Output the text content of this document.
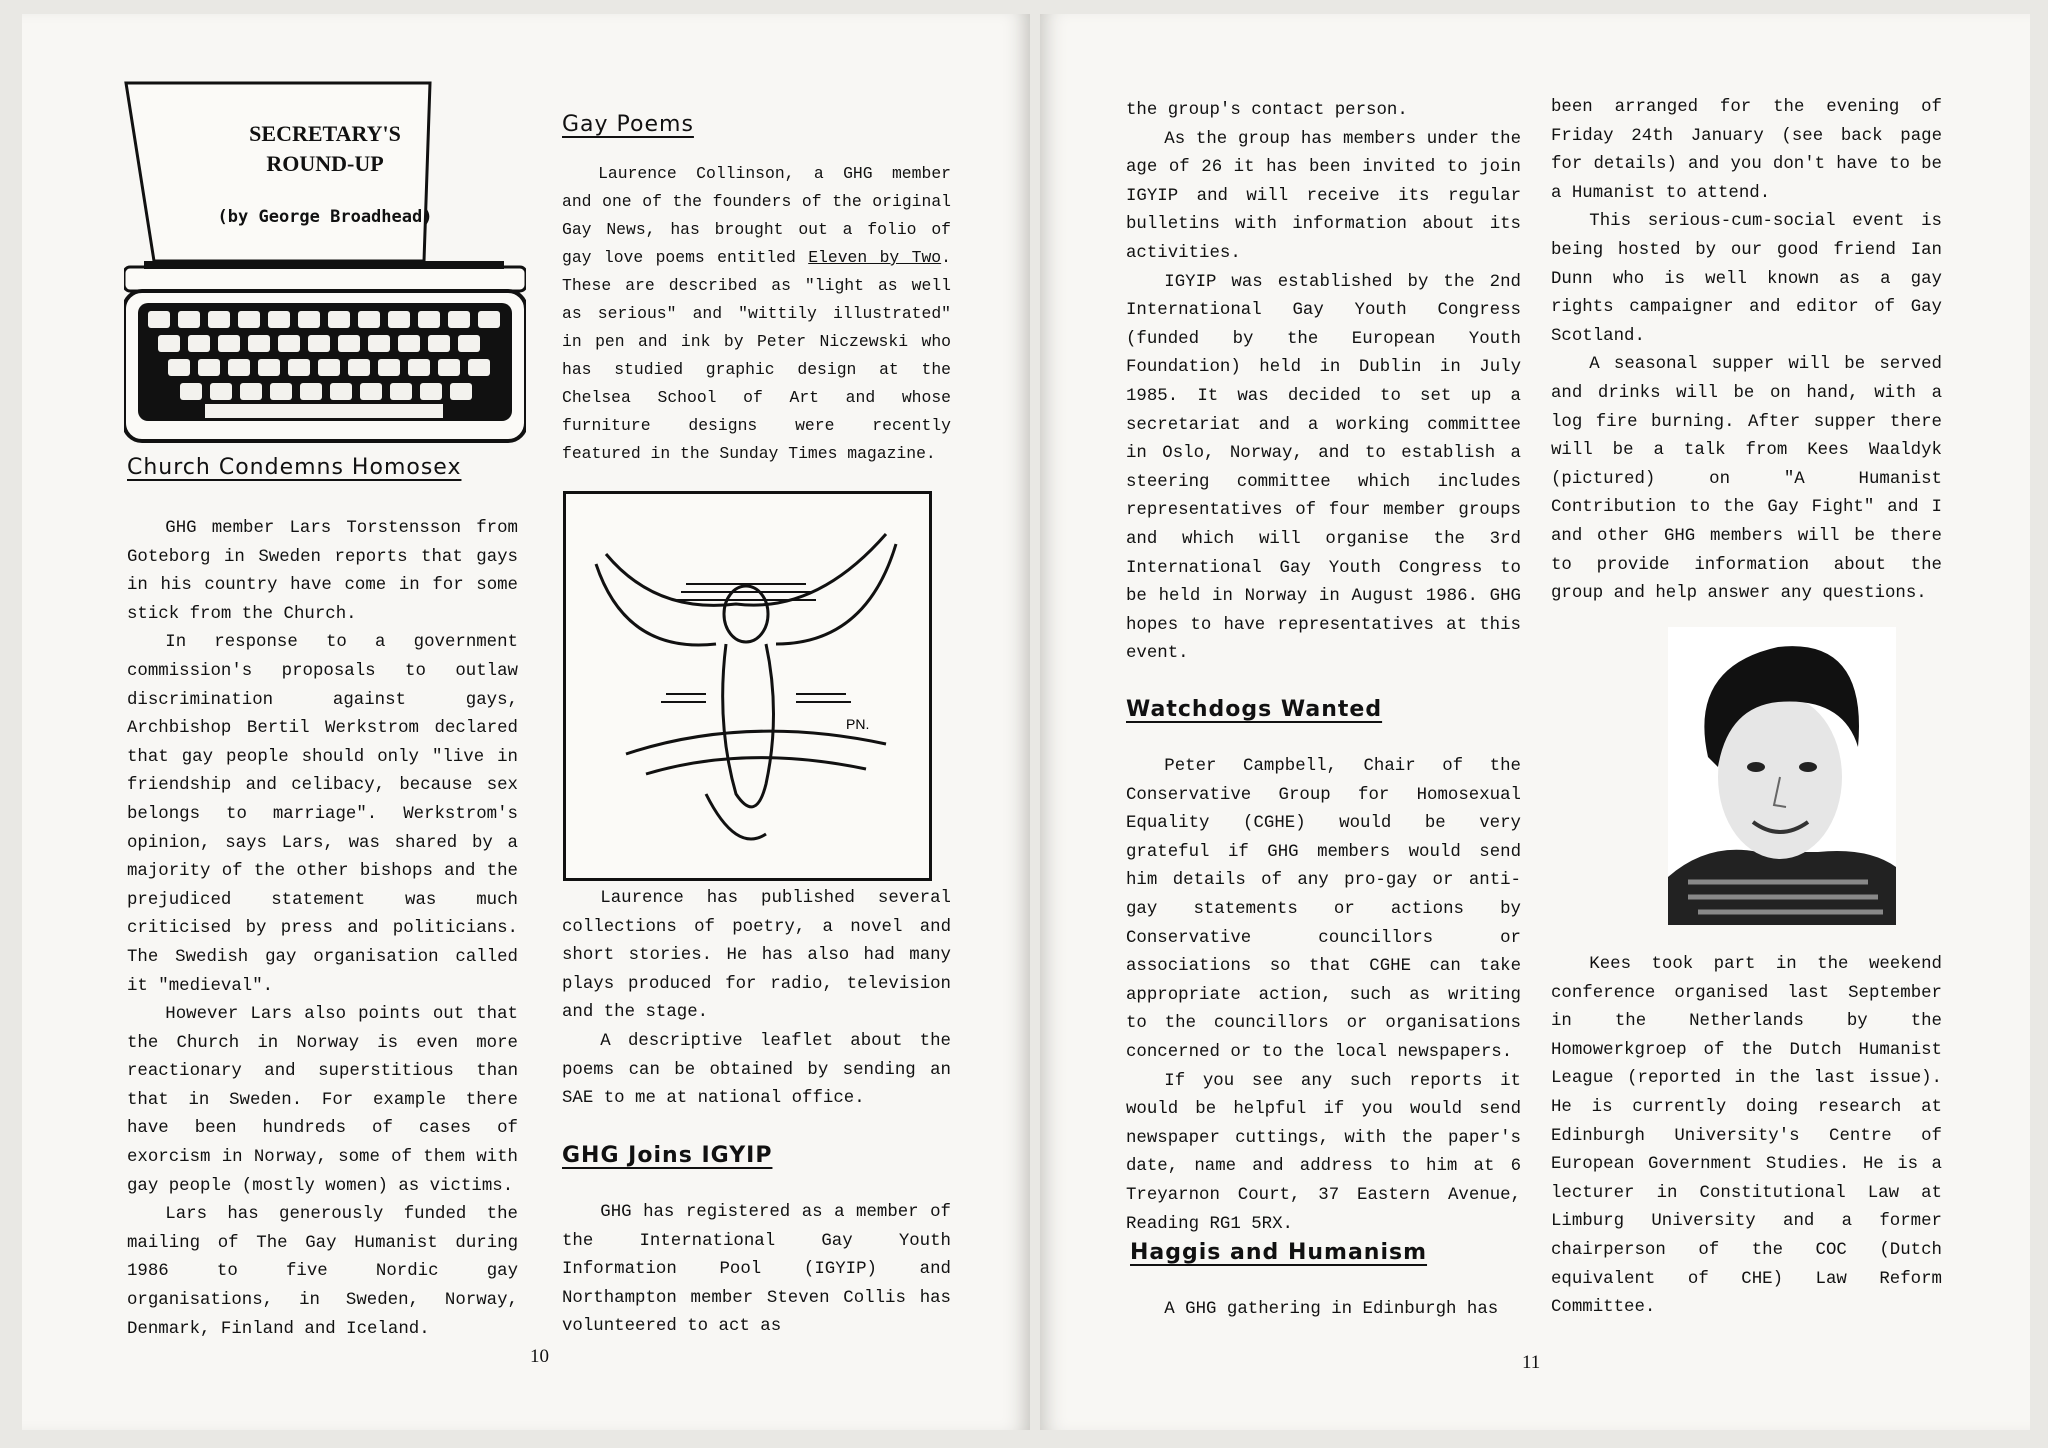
SECRETARY'S
ROUND-UP
(by George Broadhead)
Church Condemns Homosex

GHG member Lars Torstensson from Goteborg in Sweden reports that gays in his country have come in for some stick from the Church.

In response to a government commission's proposals to outlaw discrimination against gays, Archbishop Bertil Werkstrom declared that gay people should only "live in friendship and celibacy, because sex belongs to marriage". Werkstrom's opinion, says Lars, was shared by a majority of the other bishops and the prejudiced statement was much criticised by press and politicians. The Swedish gay organisation called it "medieval".

However Lars also points out that the Church in Norway is even more reactionary and superstitious than that in Sweden. For example there have been hundreds of cases of exorcism in Norway, some of them with gay people (mostly women) as victims.

Lars has generously funded the mailing of The Gay Humanist during 1986 to five Nordic gay organisations, in Sweden, Norway, Denmark, Finland and Iceland.

Gay Poems

Laurence Collinson, a GHG member and one of the founders of the original Gay News, has brought out a folio of gay love poems entitled Eleven by Two. These are described as "light as well as serious" and "wittily illustrated" in pen and ink by Peter Niczewski who has studied graphic design at the Chelsea School of Art and whose furniture designs were recently featured in the Sunday Times magazine.

PN.

Laurence has published several collections of poetry, a novel and short stories. He has also had many plays produced for radio, television and the stage.

A descriptive leaflet about the poems can be obtained by sending an SAE to me at national office.

GHG Joins IGYIP

GHG has registered as a member of the International Gay Youth Information Pool (IGYIP) and Northampton member Steven Collis has volunteered to act as

10

the group's contact person.

As the group has members under the age of 26 it has been invited to join IGYIP and will receive its regular bulletins with information about its activities.

IGYIP was established by the 2nd International Gay Youth Congress (funded by the European Youth Foundation) held in Dublin in July 1985. It was decided to set up a secretariat and a working committee in Oslo, Norway, and to establish a steering committee which includes representatives of four member groups and which will organise the 3rd International Gay Youth Congress to be held in Norway in August 1986. GHG hopes to have representatives at this event.

Watchdogs Wanted

Peter Campbell, Chair of the Conservative Group for Homosexual Equality (CGHE) would be very grateful if GHG members would send him details of any pro-gay or anti-gay statements or actions by Conservative councillors or associations so that CGHE can take appropriate action, such as writing to the councillors or organisations concerned or to the local newspapers.

If you see any such reports it would be helpful if you would send newspaper cuttings, with the paper's date, name and address to him at 6 Treyarnon Court, 37 Eastern Avenue, Reading RG1 5RX.

Haggis and Humanism

A GHG gathering in Edinburgh has

been arranged for the evening of Friday 24th January (see back page for details) and you don't have to be a Humanist to attend.

This serious-cum-social event is being hosted by our good friend Ian Dunn who is well known as a gay rights campaigner and editor of Gay Scotland.

A seasonal supper will be served and drinks will be on hand, with a log fire burning. After supper there will be a talk from Kees Waaldyk (pictured) on "A Humanist Contribution to the Gay Fight" and I and other GHG members will be there to provide information about the group and help answer any questions.

Kees took part in the weekend conference organised last September in the Netherlands by the Homowerkgroep of the Dutch Humanist League (reported in the last issue). He is currently doing research at Edinburgh University's Centre of European Government Studies. He is a lecturer in Constitutional Law at Limburg University and a former chairperson of the COC (Dutch equivalent of CHE) Law Reform Committee.

11
